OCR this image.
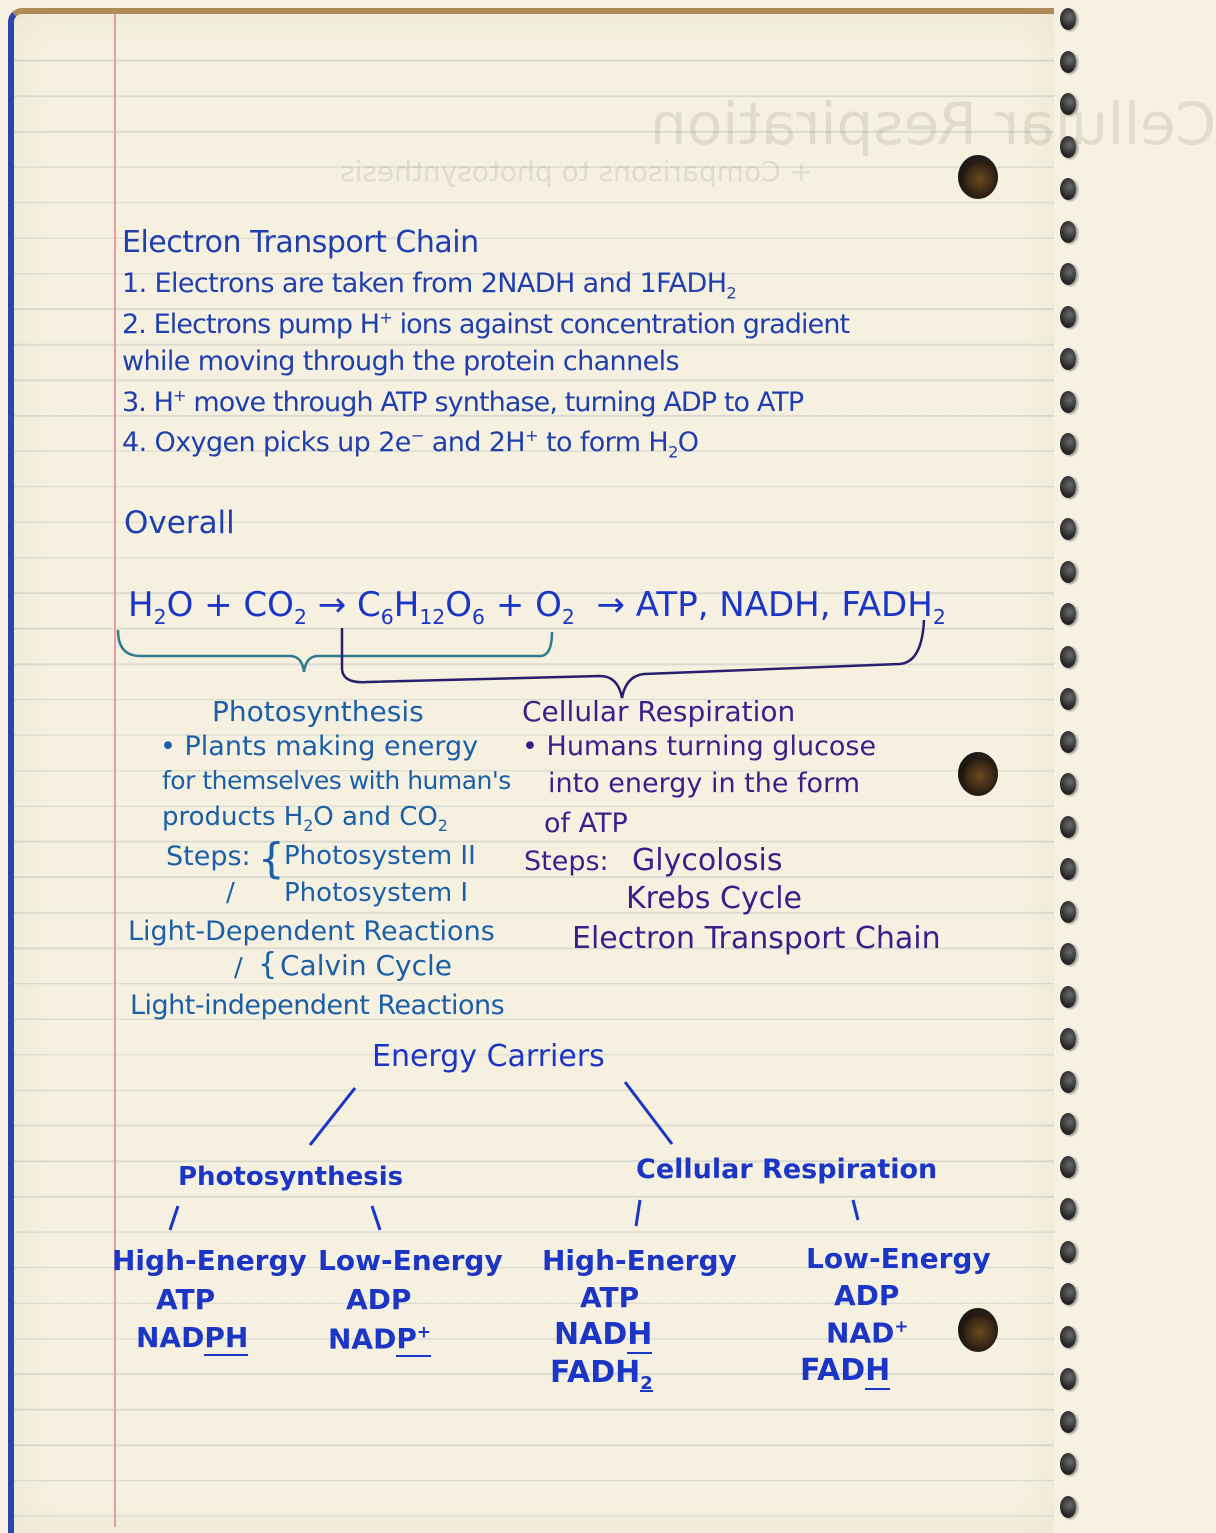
Cellular
Electron Transport Chain
1. Electrons are taken from 2NADH and $1FADH_2$
2. Electrons pump H+ ions against concentration gradient
while moving through the protein channels
3. H+ move through ATP synthase, turning ADP to ATP
4. Oxygen picks up 2e− and 2H+ to form $H_2O$
Overall
$H_2O + CO_2 \to C_6H_{12}O_6 + O_2$  → ATP, NADH, $FADH_2$
Photosynthesis
• Plants making energy
for themselves with human's
products $H_2O$ and $CO_2$
Steps: { Photosystem II
Photosystem I
/
Light-Dependent Reactions
/ { Calvin Cycle
Light-independent Reactions
Cellular Respiration
• Humans turning glucose
into energy in the form
of ATP
Steps: Glycolosis
Krebs Cycle
Electron Transport Chain
Energy Carriers
Photosynthesis	Cellular Respiration
High-Energy
ATP
NADPH
Low-Energy
ADP
NADP+
High-Energy
ATP
NADH
$FADH_2$
Low-Energy
ADP
NAD+
FADH
